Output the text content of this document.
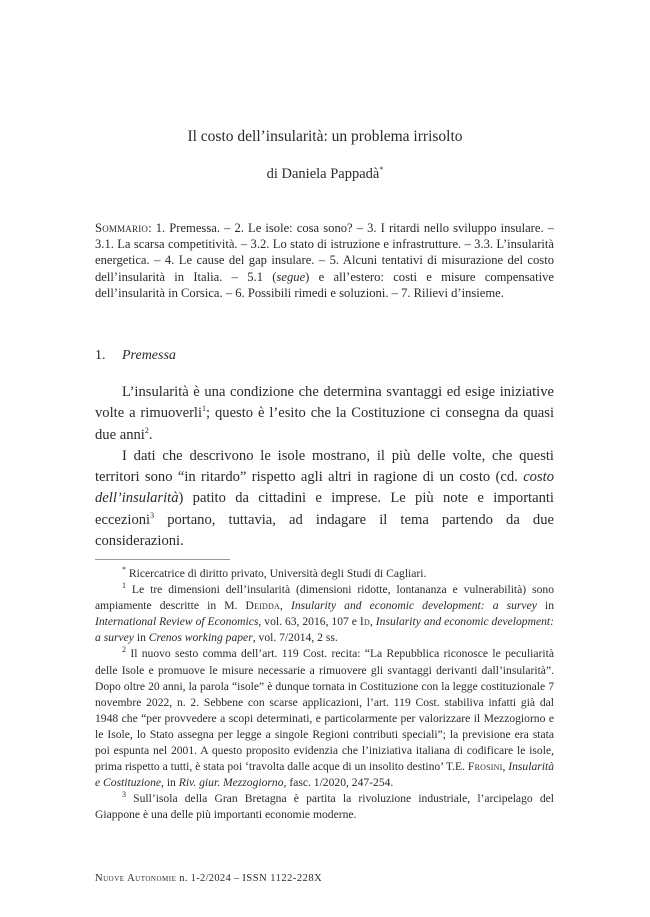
Il costo dell’insularità: un problema irrisolto
di Daniela Pappadà*
Sommario: 1. Premessa. – 2. Le isole: cosa sono? – 3. I ritardi nello sviluppo insulare. – 3.1. La scarsa competitività. – 3.2. Lo stato di istruzione e infrastrutture. – 3.3. L’insularità energetica. – 4. Le cause del gap insulare. – 5. Alcuni tentativi di misurazione del costo dell’insularità in Italia. – 5.1 (segue) e all’estero: costi e misure compensative dell’insularità in Corsica. – 6. Possibili rimedi e soluzioni. – 7. Rilievi d’insieme.
1. Premessa

L’insularità è una condizione che determina svantaggi ed esige iniziative volte a rimuoverli$^1$; questo è l’esito che la Costituzione ci consegna da quasi due anni$^2$.

I dati che descrivono le isole mostrano, il più delle volte, che questi territori sono “in ritardo” rispetto agli altri in ragione di un costo (cd. costo dell’insularità) patito da cittadini e imprese. Le più note e importanti eccezioni$^3$ portano, tuttavia, ad indagare il tema partendo da due considerazioni.

* Ricercatrice di diritto privato, Università degli Studi di Cagliari.

$^1$ Le tre dimensioni dell’insularità (dimensioni ridotte, lontananza e vulnerabilità) sono ampiamente descritte in M. Deidda, Insularity and economic development: a survey in International Review of Economics, vol. 63, 2016, 107 e Id, Insularity and economic development: a survey in Crenos working paper, vol. 7/2014, 2 ss.

$^2$ Il nuovo sesto comma dell’art. 119 Cost. recita: “La Repubblica riconosce le peculiarità delle Isole e promuove le misure necessarie a rimuovere gli svantaggi derivanti dall’insularità”. Dopo oltre 20 anni, la parola “isole” è dunque tornata in Costituzione con la legge costituzionale 7 novembre 2022, n. 2. Sebbene con scarse applicazioni, l’art. 119 Cost. stabiliva infatti già dal 1948 che “per provvedere a scopi determinati, e particolarmente per valorizzare il Mezzogiorno e le Isole, lo Stato assegna per legge a singole Regioni contributi speciali”; la previsione era stata poi espunta nel 2001. A questo proposito evidenzia che l’iniziativa italiana di codificare le isole, prima rispetto a tutti, è stata poi ‘travolta dalle acque di un insolito destino’ T.E. Frosini, Insularità e Costituzione, in Riv. giur. Mezzogiorno, fasc. 1/2020, 247-254.

$^3$ Sull’isola della Gran Bretagna è partita la rivoluzione industriale, l’arcipelago del Giappone è una delle più importanti economie moderne.

Nuove Autonomie n. 1-2/2024 – ISSN 1122-228X
